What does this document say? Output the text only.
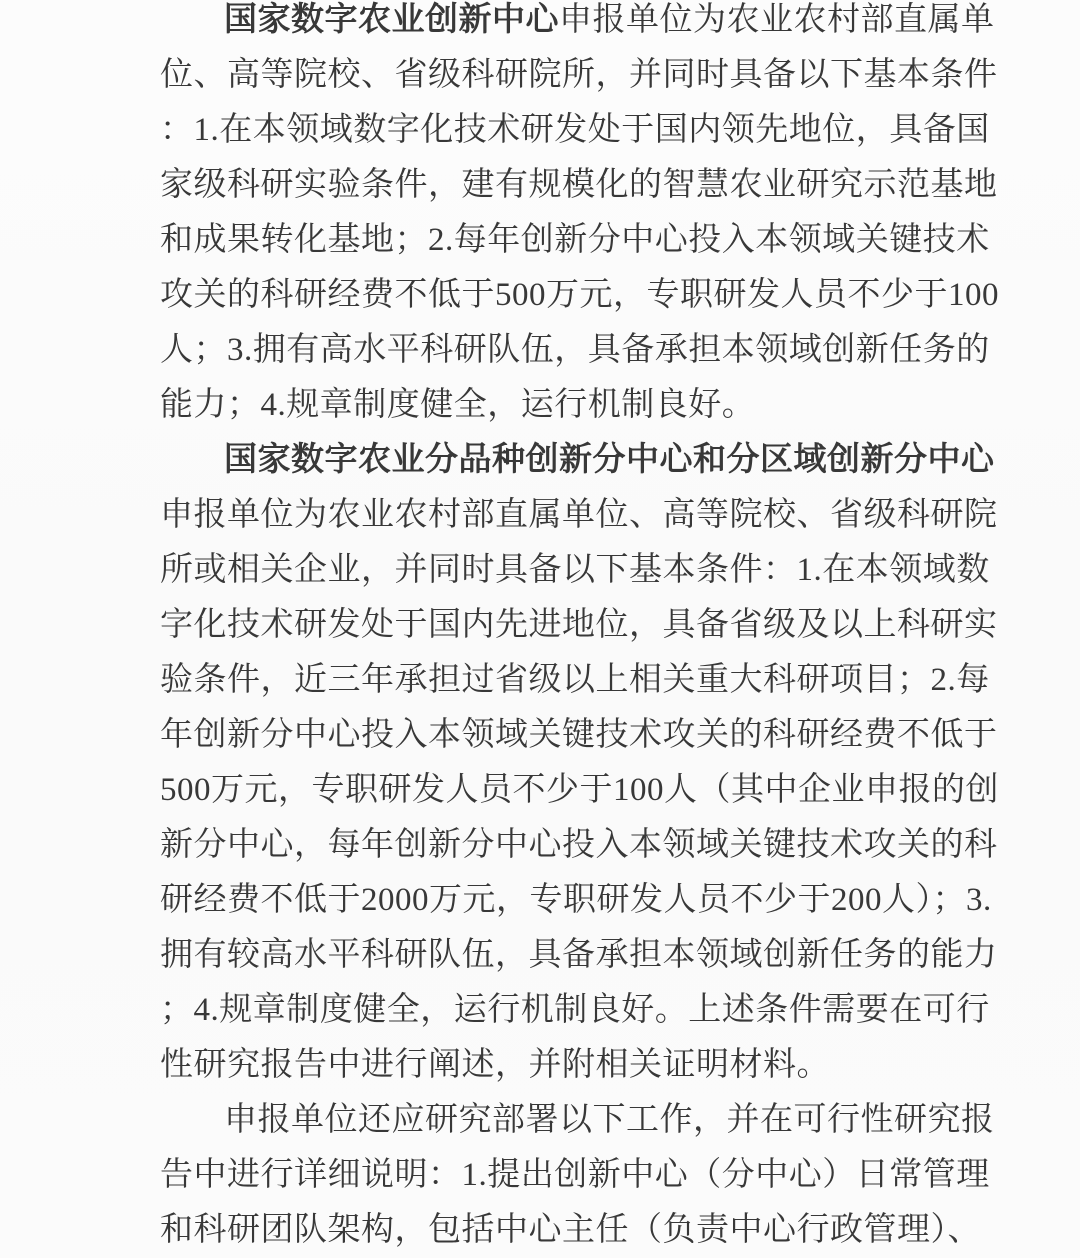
国家数字农业创新中心申报单位为农业农村部直属单
位、高等院校、省级科研院所，并同时具备以下基本条件
：1.在本领域数字化技术研发处于国内领先地位，具备国
家级科研实验条件，建有规模化的智慧农业研究示范基地
和成果转化基地；2.每年创新分中心投入本领域关键技术
攻关的科研经费不低于500万元，专职研发人员不少于100
人；3.拥有高水平科研队伍，具备承担本领域创新任务的
能力；4.规章制度健全，运行机制良好。
国家数字农业分品种创新分中心和分区域创新分中心
申报单位为农业农村部直属单位、高等院校、省级科研院
所或相关企业，并同时具备以下基本条件：1.在本领域数
字化技术研发处于国内先进地位，具备省级及以上科研实
验条件，近三年承担过省级以上相关重大科研项目；2.每
年创新分中心投入本领域关键技术攻关的科研经费不低于
500万元，专职研发人员不少于100人（其中企业申报的创
新分中心，每年创新分中心投入本领域关键技术攻关的科
研经费不低于2000万元，专职研发人员不少于200人）；3.
拥有较高水平科研队伍，具备承担本领域创新任务的能力
；4.规章制度健全，运行机制良好。上述条件需要在可行
性研究报告中进行阐述，并附相关证明材料。
申报单位还应研究部署以下工作，并在可行性研究报
告中进行详细说明：1.提出创新中心（分中心）日常管理
和科研团队架构，包括中心主任（负责中心行政管理）、
